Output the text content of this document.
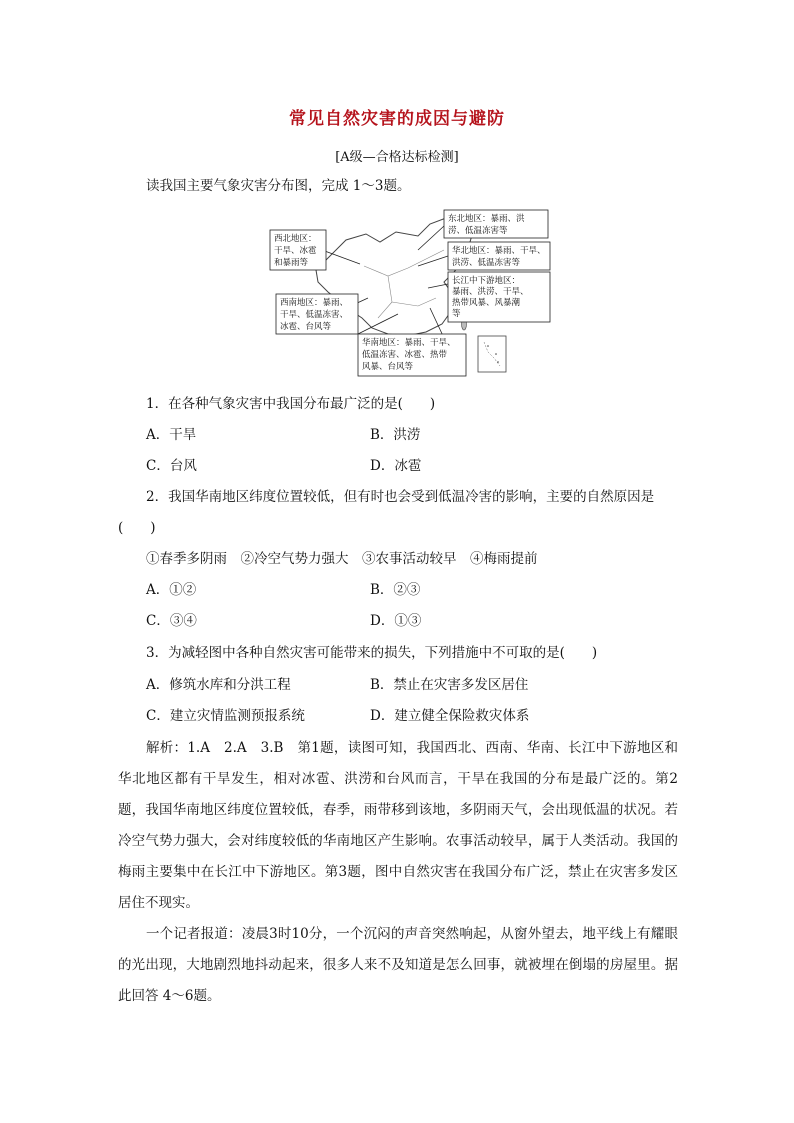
常见自然灾害的成因与避防
[A级—合格达标检测]
读我国主要气象灾害分布图，完成 1～3题。
西北地区：
干旱、冰雹
和暴雨等
东北地区：暴雨、洪
涝、低温冻害等
华北地区：暴雨、干旱、
洪涝、低温冻害等
长江中下游地区：
暴雨、洪涝、干旱、
热带风暴、风暴潮
等
西南地区：暴雨、
干旱、低温冻害、
冰雹、台风等
华南地区：暴雨、干旱、
低温冻害、冰雹、热带
风暴、台风等
1．在各种气象灾害中我国分布最广泛的是(　　)
A．干旱	B．洪涝
C．台风	D．冰雹
2．我国华南地区纬度位置较低，但有时也会受到低温冷害的影响，主要的自然原因是
(　　)
①春季多阴雨　②冷空气势力强大　③农事活动较早　④梅雨提前
A．①②	B．②③
C．③④	D．①③
3．为减轻图中各种自然灾害可能带来的损失，下列措施中不可取的是(　　)
A．修筑水库和分洪工程	B．禁止在灾害多发区居住
C．建立灾情监测预报系统	D．建立健全保险救灾体系
解析：1.A　2.A　3.B　第1题，读图可知，我国西北、西南、华南、长江中下游地区和华北地区都有干旱发生，相对冰雹、洪涝和台风而言，干旱在我国的分布是最广泛的。第2题，我国华南地区纬度位置较低，春季，雨带移到该地，多阴雨天气，会出现低温的状况。若冷空气势力强大，会对纬度较低的华南地区产生影响。农事活动较早，属于人类活动。我国的梅雨主要集中在长江中下游地区。第3题，图中自然灾害在我国分布广泛，禁止在灾害多发区居住不现实。
一个记者报道：凌晨3时10分，一个沉闷的声音突然响起，从窗外望去，地平线上有耀眼的光出现，大地剧烈地抖动起来，很多人来不及知道是怎么回事，就被埋在倒塌的房屋里。据此回答 4～6题。
